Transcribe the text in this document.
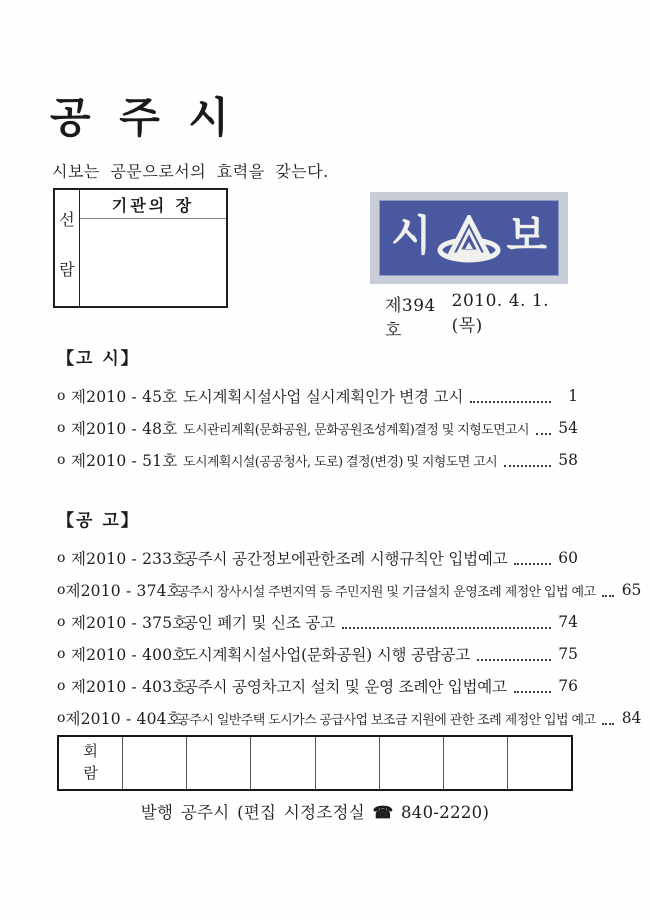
공 주 시
시보는 공문으로서의 효력을 갖는다.
선
람
기관의 장
시 보
제394호
2010. 4. 1.(목)
【고 시】
o 제2010 - 45호 도시계획시설사업 실시계획인가 변경 고시	1
o 제2010 - 48호 도시관리계획(문화공원, 문화공원조성계획)결정 및 지형도면고시 54
o 제2010 - 51호 도시계획시설(공공청사, 도로) 결정(변경) 및 지형도면 고시	58
【공 고】
o 제2010 - 233호
공주시 공간정보에관한조례 시행규칙안 입법예고	60
o 제2010 - 374호
공주시 장사시설 주변지역 등 주민지원 및 기금설치 운영조례 제정안 입법 예고 65
o 제2010 - 375호
공인 폐기 및 신조 공고	74
o 제2010 - 400호
도시계획시설사업(문화공원) 시행 공람공고	75
o 제2010 - 403호
공주시 공영차고지 설치 및 운영 조례안 입법예고	76
o 제2010 - 404호
공주시 일반주택 도시가스 공급사업 보조금 지원에 관한 조례 제정안 입법 예고 84
회
람
발행 공주시 (편집 시정조정실 ☎ 840-2220)
